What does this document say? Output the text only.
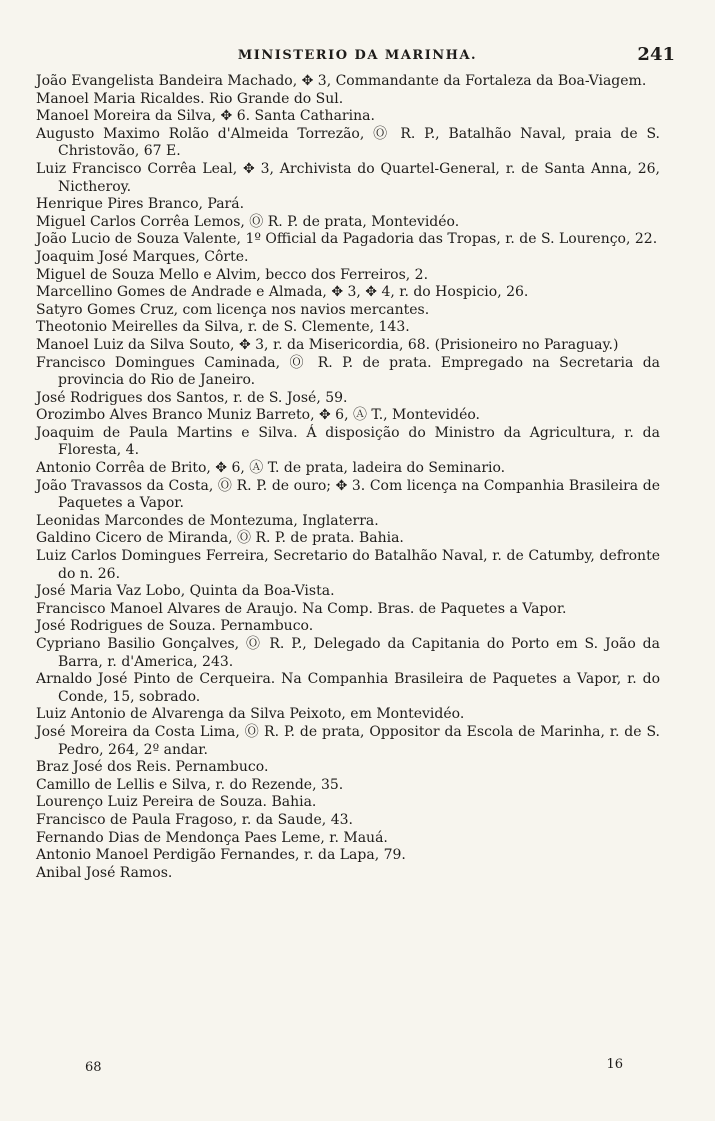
MINISTERIO DA MARINHA.	241

João Evangelista Bandeira Machado, ✥ 3, Commandante da Fortaleza da Boa-Viagem.

Manoel Maria Ricaldes. Rio Grande do Sul.

Manoel Moreira da Silva, ✥ 6. Santa Catharina.

Augusto Maximo Rolão d'Almeida Torrezão, Ⓞ R. P., Batalhão Naval, praia de S. Christovão, 67 E.

Luiz Francisco Corrêa Leal, ✥ 3, Archivista do Quartel-General, r. de Santa Anna, 26, Nictheroy.

Henrique Pires Branco, Pará.

Miguel Carlos Corrêa Lemos, Ⓞ R. P. de prata, Montevidéo.

João Lucio de Souza Valente, 1º Official da Pagadoria das Tropas, r. de S. Lourenço, 22.

Joaquim José Marques, Côrte.

Miguel de Souza Mello e Alvim, becco dos Ferreiros, 2.

Marcellino Gomes de Andrade e Almada, ✥ 3, ✥ 4, r. do Hospicio, 26.

Satyro Gomes Cruz, com licença nos navios mercantes.

Theotonio Meirelles da Silva, r. de S. Clemente, 143.

Manoel Luiz da Silva Souto, ✥ 3, r. da Misericordia, 68. (Prisioneiro no Paraguay.)

Francisco Domingues Caminada, Ⓞ R. P. de prata. Empregado na Secretaria da provincia do Rio de Janeiro.

José Rodrigues dos Santos, r. de S. José, 59.

Orozimbo Alves Branco Muniz Barreto, ✥ 6, Ⓐ T., Montevidéo.

Joaquim de Paula Martins e Silva. Á disposição do Ministro da Agricultura, r. da Floresta, 4.

Antonio Corrêa de Brito, ✥ 6, Ⓐ T. de prata, ladeira do Seminario.

João Travassos da Costa, Ⓞ R. P. de ouro; ✥ 3. Com licença na Companhia Brasileira de Paquetes a Vapor.

Leonidas Marcondes de Montezuma, Inglaterra.

Galdino Cicero de Miranda, Ⓞ R. P. de prata. Bahia.

Luiz Carlos Domingues Ferreira, Secretario do Batalhão Naval, r. de Catumby, defronte do n. 26.

José Maria Vaz Lobo, Quinta da Boa-Vista.

Francisco Manoel Alvares de Araujo. Na Comp. Bras. de Paquetes a Vapor.

José Rodrigues de Souza. Pernambuco.

Cypriano Basilio Gonçalves, Ⓞ R. P., Delegado da Capitania do Porto em S. João da Barra, r. d'America, 243.

Arnaldo José Pinto de Cerqueira. Na Companhia Brasileira de Paquetes a Vapor, r. do Conde, 15, sobrado.

Luiz Antonio de Alvarenga da Silva Peixoto, em Montevidéo.

José Moreira da Costa Lima, Ⓞ R. P. de prata, Oppositor da Escola de Marinha, r. de S. Pedro, 264, 2º andar.

Braz José dos Reis. Pernambuco.

Camillo de Lellis e Silva, r. do Rezende, 35.

Lourenço Luiz Pereira de Souza. Bahia.

Francisco de Paula Fragoso, r. da Saude, 43.

Fernando Dias de Mendonça Paes Leme, r. Mauá.

Antonio Manoel Perdigão Fernandes, r. da Lapa, 79.

Anibal José Ramos.

68	16
